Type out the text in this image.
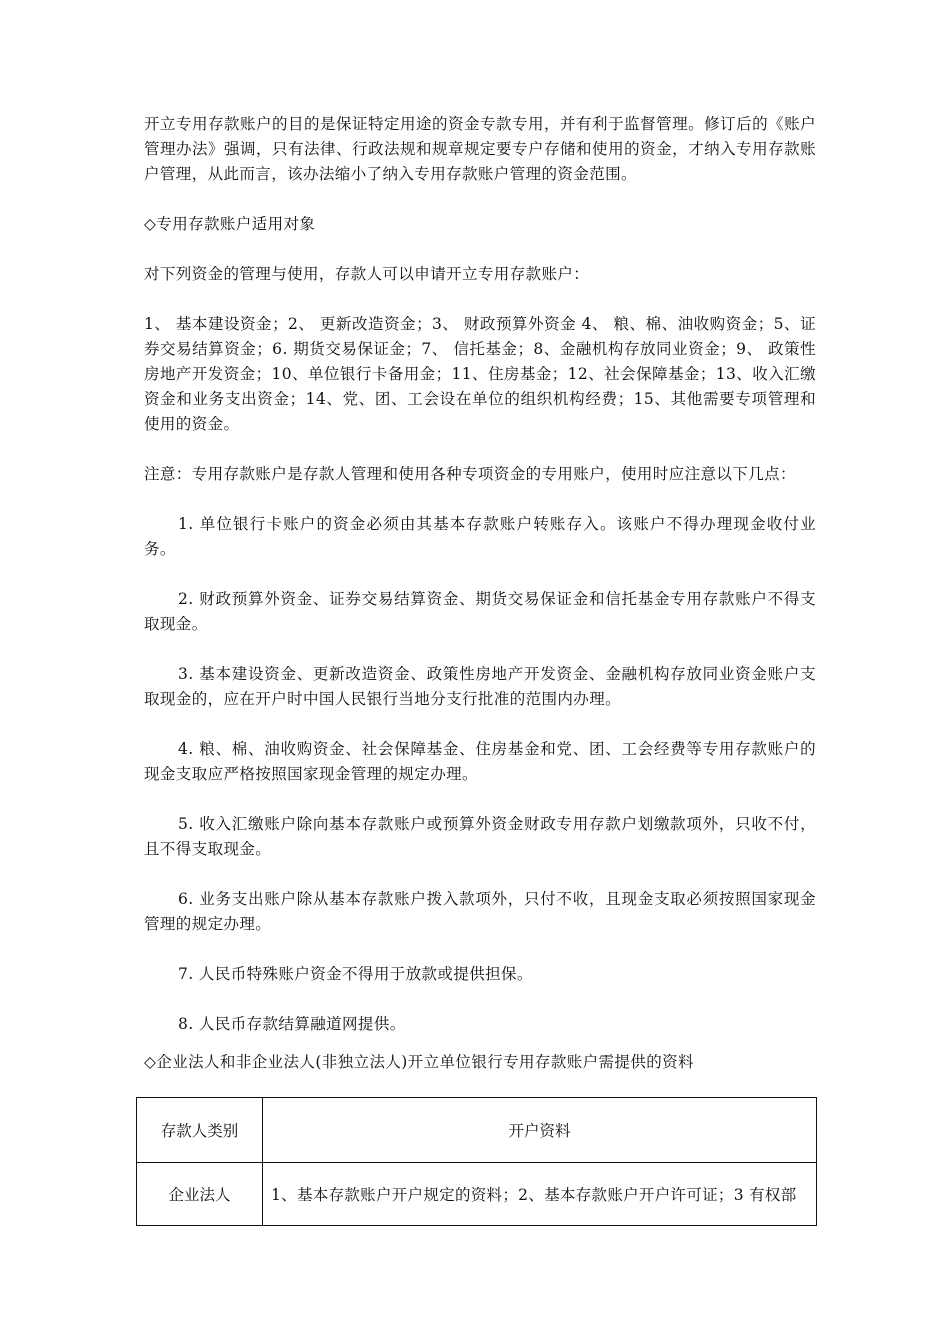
开立专用存款账户的目的是保证特定用途的资金专款专用，并有利于监督管理。修订后的《账户管理办法》强调，只有法律、行政法规和规章规定要专户存储和使用的资金，才纳入专用存款账户管理，从此而言，该办法缩小了纳入专用存款账户管理的资金范围。

◇专用存款账户适用对象

对下列资金的管理与使用，存款人可以申请开立专用存款账户：

1、 基本建设资金；2、 更新改造资金；3、 财政预算外资金 4、 粮、棉、油收购资金；5、证券交易结算资金；6. 期货交易保证金；7、 信托基金；8、金融机构存放同业资金；9、 政策性房地产开发资金；10、单位银行卡备用金；11、住房基金；12、社会保障基金；13、收入汇缴资金和业务支出资金；14、党、团、工会设在单位的组织机构经费；15、其他需要专项管理和使用的资金。

注意：专用存款账户是存款人管理和使用各种专项资金的专用账户，使用时应注意以下几点：

1. 单位银行卡账户的资金必须由其基本存款账户转账存入。该账户不得办理现金收付业务。

2. 财政预算外资金、证券交易结算资金、期货交易保证金和信托基金专用存款账户不得支取现金。

3. 基本建设资金、更新改造资金、政策性房地产开发资金、金融机构存放同业资金账户支取现金的，应在开户时中国人民银行当地分支行批准的范围内办理。

4. 粮、棉、油收购资金、社会保障基金、住房基金和党、团、工会经费等专用存款账户的现金支取应严格按照国家现金管理的规定办理。

5. 收入汇缴账户除向基本存款账户或预算外资金财政专用存款户划缴款项外，只收不付，且不得支取现金。

6. 业务支出账户除从基本存款账户拨入款项外，只付不收，且现金支取必须按照国家现金管理的规定办理。

7. 人民币特殊账户资金不得用于放款或提供担保。

8. 人民币存款结算融道网提供。

◇企业法人和非企业法人(非独立法人)开立单位银行专用存款账户需提供的资料

存款人类别	开户资料
企业法人	1、基本存款账户开户规定的资料；2、基本存款账户开户许可证；3 有权部
